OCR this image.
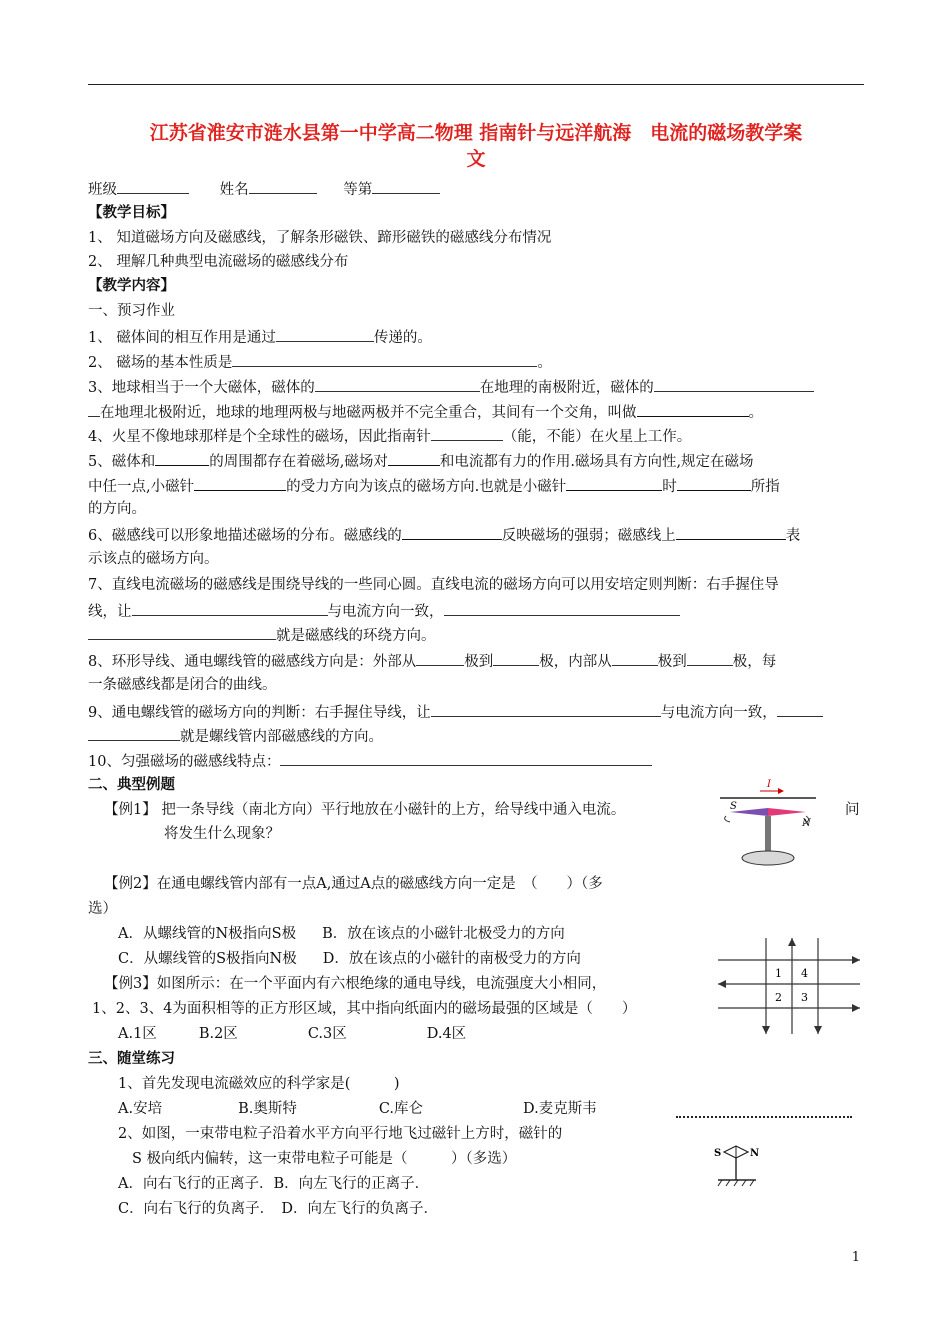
江苏省淮安市涟水县第一中学高二物理 指南针与远洋航海　电流的磁场教学案
文
班级	姓名	等第
【教学目标】
1、 知道磁场方向及磁感线，了解条形磁铁、蹄形磁铁的磁感线分布情况
2、 理解几种典型电流磁场的磁感线分布
【教学内容】
一、预习作业
1、 磁体间的相互作用是通过	传递的。
2、 磁场的基本性质是	。
3、地球相当于一个大磁体，磁体的	在地理的南极附近，磁体的
在地理北极附近，地球的地理两极与地磁两极并不完全重合，其间有一个交角，叫做	。
4、火星不像地球那样是个全球性的磁场，因此指南针	（能，不能）在火星上工作。
5、磁体和	的周围都存在着磁场,磁场对	和电流都有力的作用.磁场具有方向性,规定在磁场
中任一点,小磁针	的受力方向为该点的磁场方向.也就是小磁针	时	所指
的方向。
6、磁感线可以形象地描述磁场的分布。磁感线的	反映磁场的强弱；磁感线上	表
示该点的磁场方向。
7、直线电流磁场的磁感线是围绕导线的一些同心圆。直线电流的磁场方向可以用安培定则判断：右手握住导
线，让	与电流方向一致，
就是磁感线的环绕方向。
8、环形导线、通电螺线管的磁感线方向是：外部从	极到	极，内部从	极到	极，每
一条磁感线都是闭合的曲线。
9、通电螺线管的磁场方向的判断：右手握住导线，让	与电流方向一致，
就是螺线管内部磁感线的方向。
10、匀强磁场的磁感线特点：
二、典型例题
【例1】 把一条导线（南北方向）平行地放在小磁针的上方，给导线中通入电流。	问
将发生什么现象？
I
S
N
【例2】在通电螺线管内部有一点A,通过A点的磁感线方向一定是　（　　）（多
选）
A．从螺线管的N极指向S极 B．放在该点的小磁针北极受力的方向
C．从螺线管的S极指向N极 D．放在该点的小磁针的南极受力的方向
1 4
2 3
【例3】如图所示：在一个平面内有六根绝缘的通电导线，电流强度大小相同，
1、2、3、4为面积相等的正方形区域，其中指向纸面内的磁场最强的区域是（　　）
A.1区	B.2区	C.3区	D.4区
三、随堂练习
1、首先发现电流磁效应的科学家是(　　　)
A.安培	B.奥斯特	C.库仑	D.麦克斯韦
2、如图，一束带电粒子沿着水平方向平行地飞过磁针上方时，磁针的
S 极向纸内偏转，这一束带电粒子可能是（　　　）（多选）	S	N
A．向右飞行的正离子．B．向左飞行的正离子．
C．向右飞行的负离子．　D．向左飞行的负离子．
1
